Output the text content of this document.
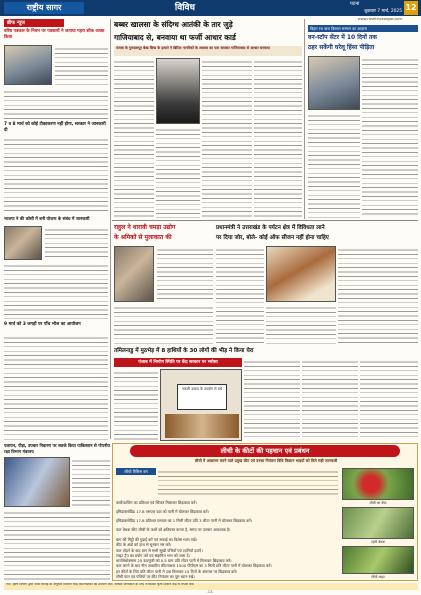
राष्ट्रीय सागर	विविध	पटना
शुक्रवार 7 मार्च, 2025 12
www.rashtriyasagar.com
ब्रीफ न्यूज
वरिष्ठ पत्रकार के निधन पर पत्रकारों ने जताया गहरा शोक व्यक्त किया
7 व 8 मार्च को कोई टीकाकरण नहीं होगा, सरकार ने जानकारी दी
भाजपा ने की कोसी में बनी योजना के संबंध में जानकारी
9 मार्च को 3 जगहों पर पाँच भोज का आयोजन
बब्बर खालसा के संदिग्ध आतंकी के तार जुड़े
गाजियाबाद से, बनवाया था फर्जी आधार कार्ड
पंजाब के गुरुदासपुर बेस्ड सिख के हत्यारे ने ब्रिटिश नागरिकों के आवास का पता बताकर गाजियाबाद से आधार बनवाया
बिहार रथ धारा किसान सम्मान का आवास
वन-स्टॉप सेंटर में 10 दिनों तक
ठहर सकेंगी घरेलू हिंसा पीड़िता
राहुल ने धारावी चमड़ा उद्योग
के श्रमिकों से मुलाकात की
प्रधानमंत्री ने उत्तराखंड के पर्यटन क्षेत्र में विविधता लाने
पर दिया जोर, बोले- कोई ऑफ सीजन नहीं होना चाहिए
तमिलनाडु में मुठभेड़ में 8 हाथियों के 30 लोगों की भीड़ ने किया घेरा
पंजाब में निर्माण स्थिति पर केंद्र सरकार पर भरोसा
नकली उत्पाद के उपयोग से बचें
पलायन, पीड़ा, उपचार निवारण पर सतर्क किया पाकिस्तान से गोपनीय रक्षा विभाग मंत्रालय	लीची के कीटों की पहचान एवं प्रबंधन
लीची में आक्रमण करने वाले प्रमुख कीट एवं उनका नियंत्रण विधि किसान भाइयों को मिले सही जानकारी
लीची रिसिस बग
कार्बेन्डाजिम का प्रतिशत एवं स्टिकर मिलाकर छिड़काव करें।
इमिडाक्लोप्रिड 17.8 एसएल दवा को पानी में घोलकर छिड़काव करें।
इमिडाक्लोप्रिड 17.8 प्रतिशत एसएल का 1 मिली लीटर प्रति 3 लीटर पानी में घोलकर छिड़काव करें।
फल बेधक कीट लीची के फलों को क्षतिग्रस्त करता है, समय पर उपचार आवश्यक है।
बाग की मिट्टी की गुड़ाई करें एवं सफाई का विशेष ध्यान रखें।
कीट के अंडों को हाथ से चुनकर नष्ट करें।
फल तोड़ने के बाद बाग से सभी सूखी पत्तियाँ एवं टहनियाँ हटाएँ।
लाइट ट्रैप का प्रयोग करें एवं संक्रमित भाग को जला दें।
थायोमेथोक्साम 25 डब्ल्यूजी को 0.5 ग्राम प्रति लीटर पानी में मिलाकर छिड़काव करें।
फल लगने के बाद नीम आधारित कीटनाशक 1500 पीपीएम का 3 मिली प्रति लीटर पानी में घोलकर छिड़काव करें।
इन कीटों के लिए प्रति लीटर पानी में दवा मिलाकर 15 दिनों के अंतराल पर छिड़काव करें।
लीची फल एवं पत्तियों पर कीट नियंत्रण का पूरा ध्यान रखें।
लीची का कीट
टहनी बेधक
लीची माइट
नोट: कृषि विभाग द्वारा जारी सलाह के अनुसार किसान भाई कीटनाशकों का उपयोग करें। अधिक जानकारी के लिए नजदीकी कृषि विज्ञान केंद्र से संपर्क करें।
-13-
